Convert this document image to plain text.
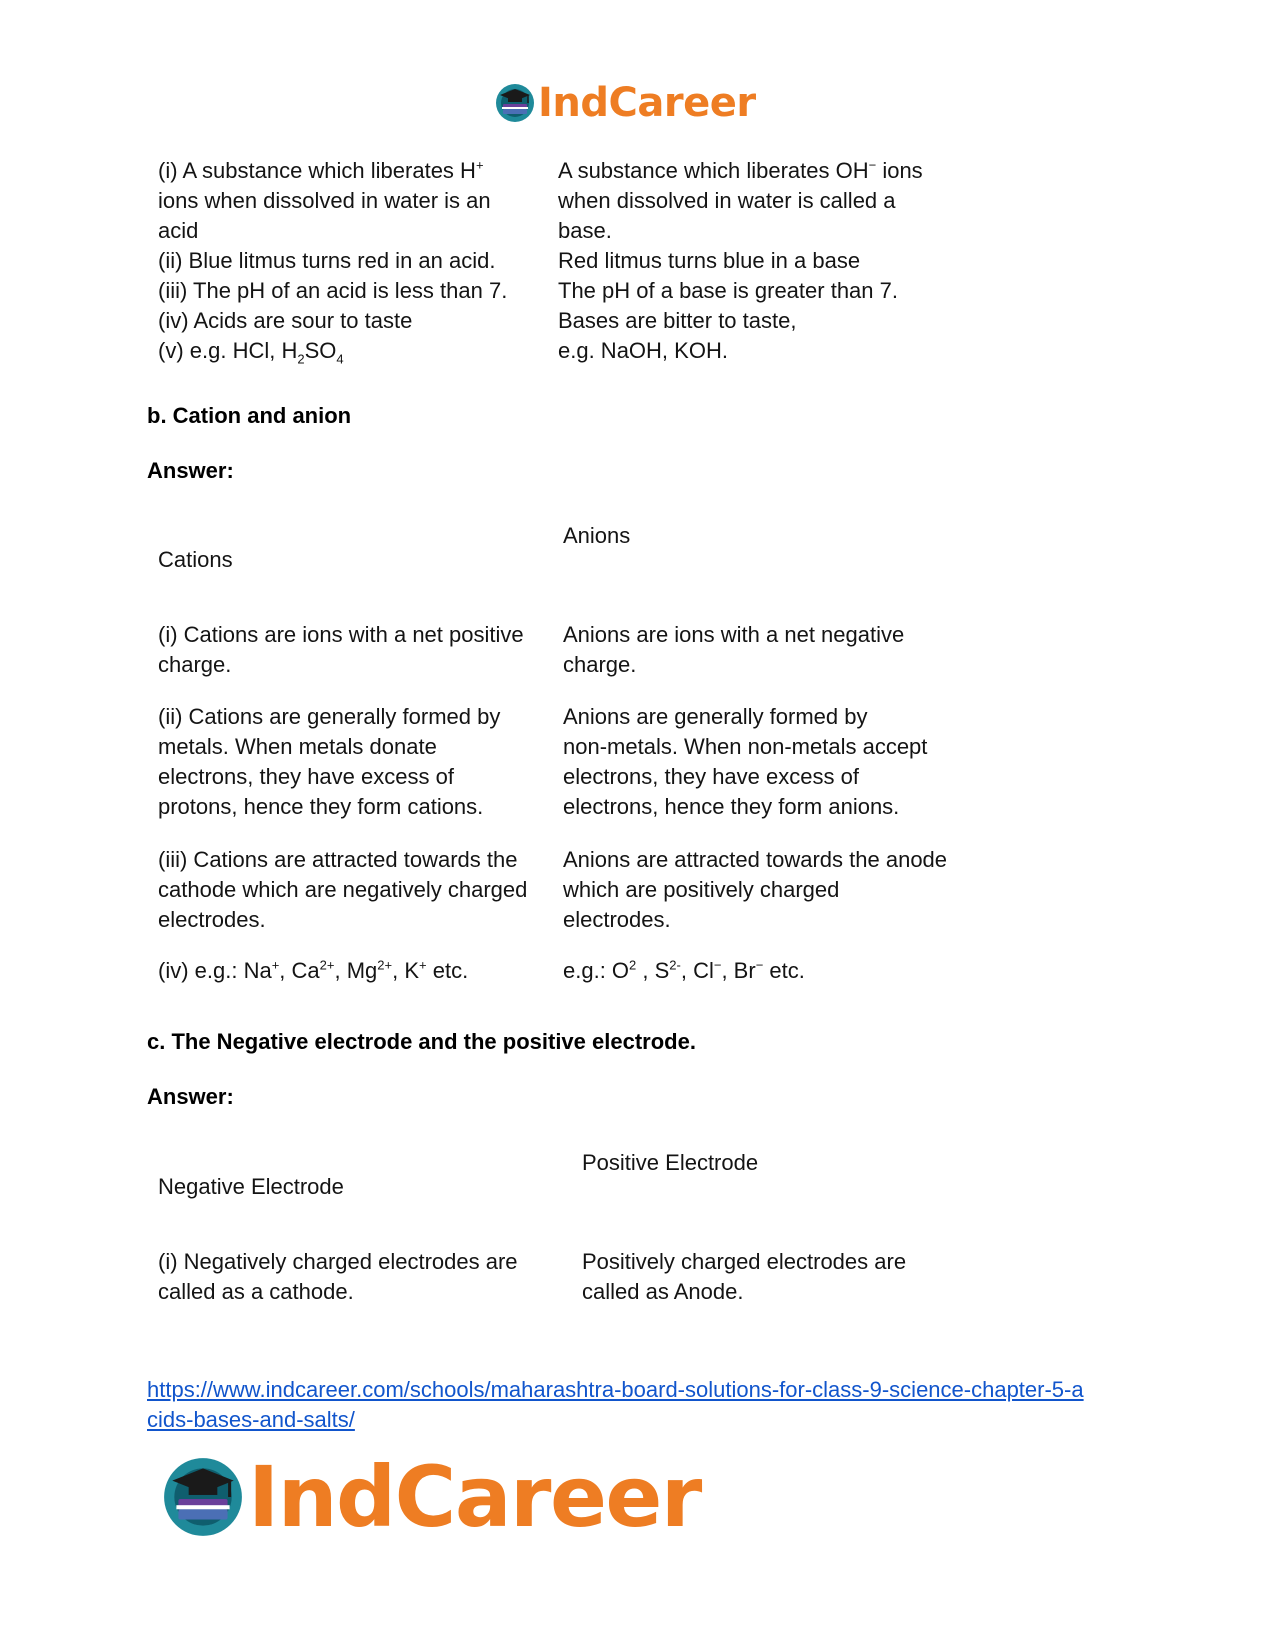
IndCareer
(i) A substance which liberates H+
ions when dissolved in water is an
acid
(ii) Blue litmus turns red in an acid.
(iii) The pH of an acid is less than 7.
(iv) Acids are sour to taste
(v) e.g. HCl, $H_2SO_4$
A substance which liberates OH− ions
when dissolved in water is called a
base.
Red litmus turns blue in a base
The pH of a base is greater than 7.
Bases are bitter to taste,
e.g. NaOH, KOH.
b. Cation and anion
Answer:
Cations
Anions
(i) Cations are ions with a net positive
charge.
Anions are ions with a net negative
charge.
(ii) Cations are generally formed by
metals. When metals donate
electrons, they have excess of
protons, hence they form cations.
Anions are generally formed by
non-metals. When non-metals accept
electrons, they have excess of
electrons, hence they form anions.
(iii) Cations are attracted towards the
cathode which are negatively charged
electrodes.
Anions are attracted towards the anode
which are positively charged
electrodes.
(iv) e.g.: Na+, $Ca^{2+}$, $Mg^{2+}$, K+ etc.	e.g.: $O^2$ , $S^{2-}$, Cl−, Br− etc.
c. The Negative electrode and the positive electrode.
Answer:
Negative Electrode
Positive Electrode
(i) Negatively charged electrodes are
called as a cathode.
Positively charged electrodes are
called as Anode.
https://www.indcareer.com/schools/maharashtra-board-solutions-for-class-9-science-chapter-5-a
cids-bases-and-salts/
IndCareer
